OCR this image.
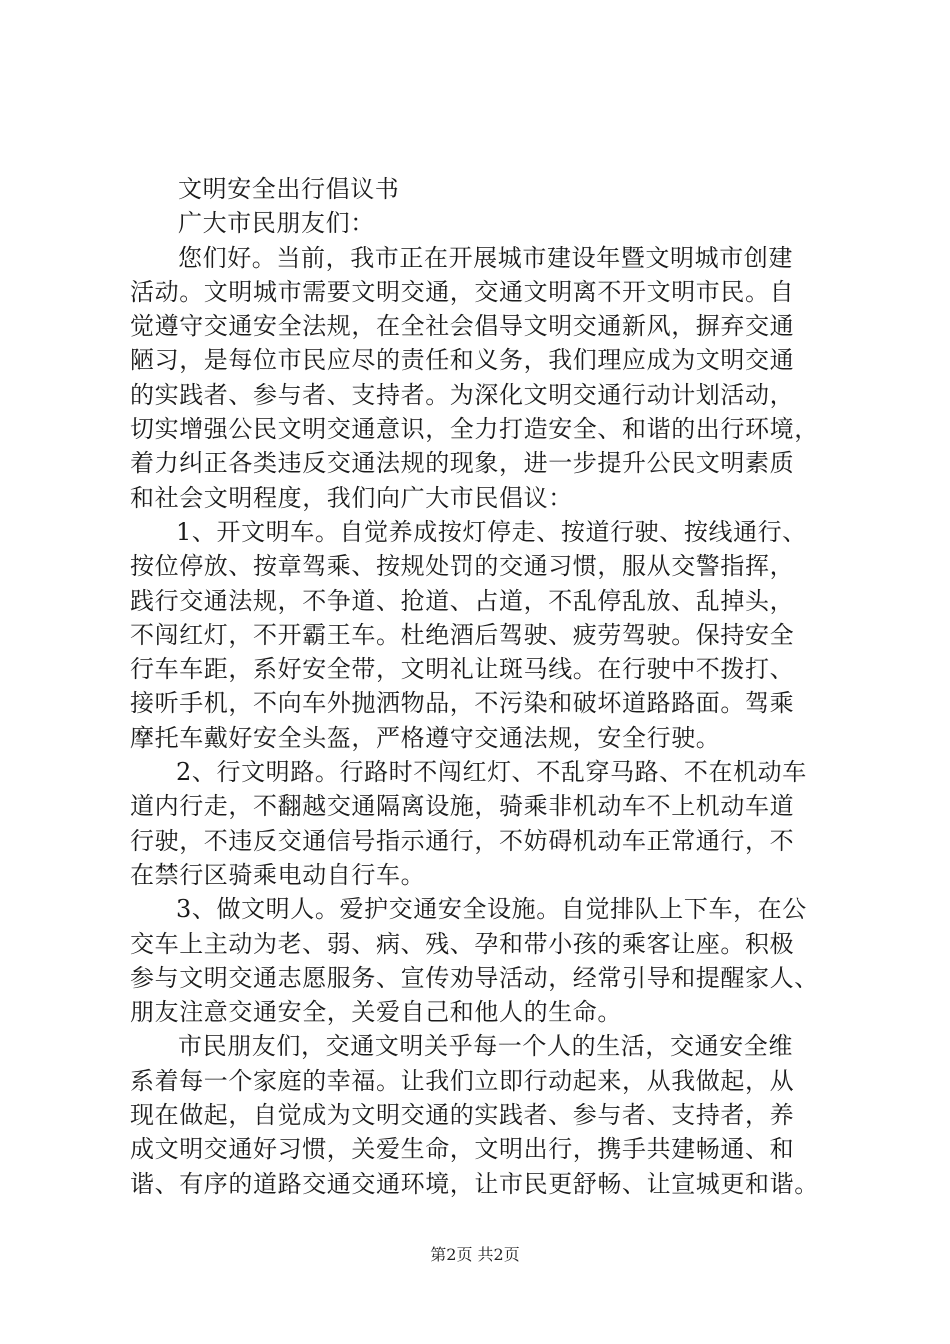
文明安全出行倡议书

广大市民朋友们：

您们好。当前，我市正在开展城市建设年暨文明城市创建

活动。文明城市需要文明交通，交通文明离不开文明市民。自

觉遵守交通安全法规，在全社会倡导文明交通新风，摒弃交通

陋习，是每位市民应尽的责任和义务，我们理应成为文明交通

的实践者、参与者、支持者。为深化文明交通行动计划活动，

切实增强公民文明交通意识，全力打造安全、和谐的出行环境，

着力纠正各类违反交通法规的现象，进一步提升公民文明素质

和社会文明程度，我们向广大市民倡议：

1、开文明车。自觉养成按灯停走、按道行驶、按线通行、

按位停放、按章驾乘、按规处罚的交通习惯，服从交警指挥，

践行交通法规，不争道、抢道、占道，不乱停乱放、乱掉头，

不闯红灯，不开霸王车。杜绝酒后驾驶、疲劳驾驶。保持安全

行车车距，系好安全带，文明礼让斑马线。在行驶中不拨打、

接听手机，不向车外抛洒物品，不污染和破坏道路路面。驾乘

摩托车戴好安全头盔，严格遵守交通法规，安全行驶。

2、行文明路。行路时不闯红灯、不乱穿马路、不在机动车

道内行走，不翻越交通隔离设施，骑乘非机动车不上机动车道

行驶，不违反交通信号指示通行，不妨碍机动车正常通行，不

在禁行区骑乘电动自行车。

3、做文明人。爱护交通安全设施。自觉排队上下车，在公

交车上主动为老、弱、病、残、孕和带小孩的乘客让座。积极

参与文明交通志愿服务、宣传劝导活动，经常引导和提醒家人、

朋友注意交通安全，关爱自己和他人的生命。

市民朋友们，交通文明关乎每一个人的生活，交通安全维

系着每一个家庭的幸福。让我们立即行动起来，从我做起，从

现在做起，自觉成为文明交通的实践者、参与者、支持者，养

成文明交通好习惯，关爱生命，文明出行，携手共建畅通、和

谐、有序的道路交通交通环境，让市民更舒畅、让宣城更和谐。

第2页 共2页
